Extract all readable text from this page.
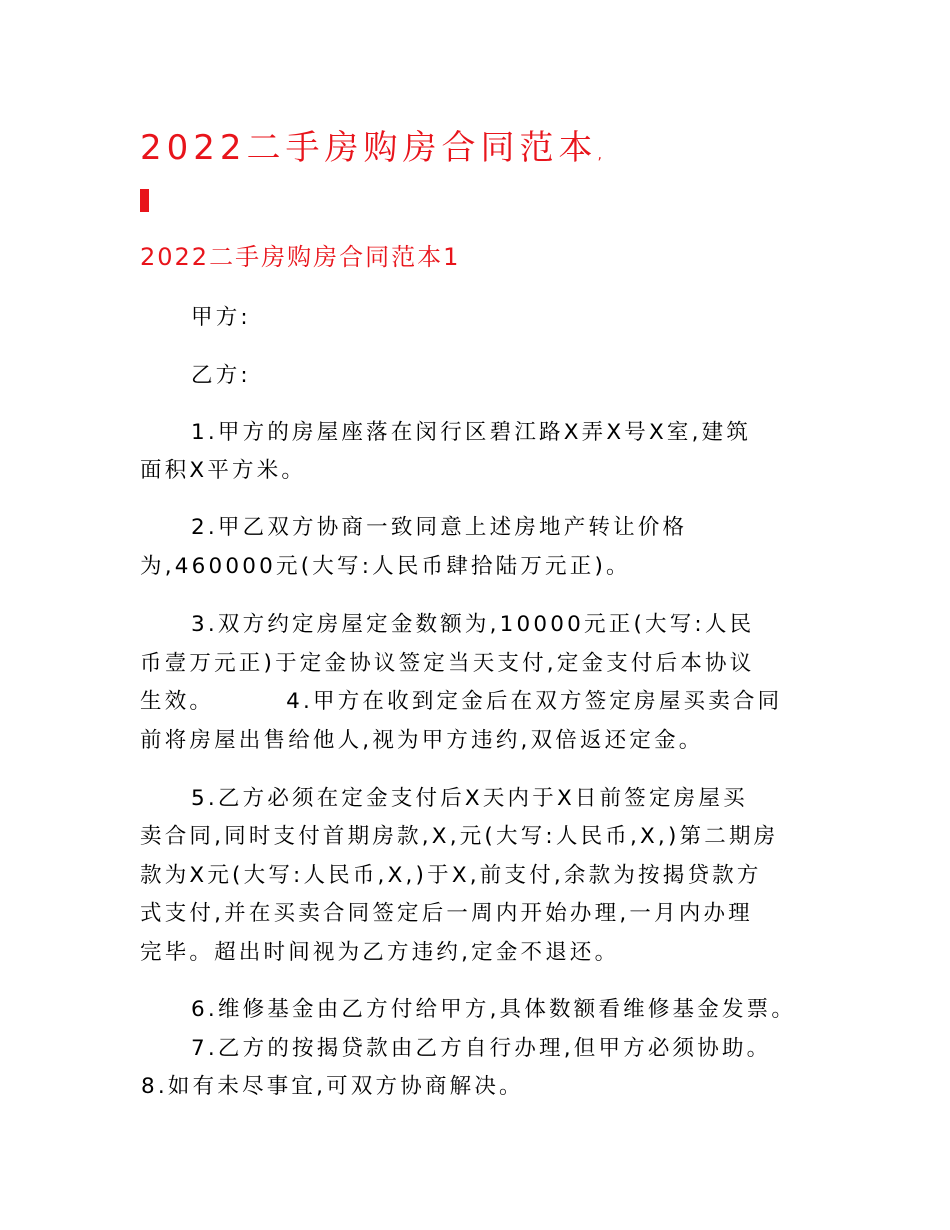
2022二手房购房合同范本,
2022二手房购房合同范本1
甲方:
乙方:
1.甲方的房屋座落在闵行区碧江路X弄X号X室,建筑
面积X平方米。
2.甲乙双方协商一致同意上述房地产转让价格
为,460000元(大写:人民币肆拾陆万元正)。
3.双方约定房屋定金数额为,10000元正(大写:人民
币壹万元正)于定金协议签定当天支付,定金支付后本协议
生效。	4.甲方在收到定金后在双方签定房屋买卖合同
前将房屋出售给他人,视为甲方违约,双倍返还定金。
5.乙方必须在定金支付后X天内于X日前签定房屋买
卖合同,同时支付首期房款,X,元(大写:人民币,X,)第二期房
款为X元(大写:人民币,X,)于X,前支付,余款为按揭贷款方
式支付,并在买卖合同签定后一周内开始办理,一月内办理
完毕。超出时间视为乙方违约,定金不退还。
6.维修基金由乙方付给甲方,具体数额看维修基金发票。
7.乙方的按揭贷款由乙方自行办理,但甲方必须协助。
8.如有未尽事宜,可双方协商解决。
